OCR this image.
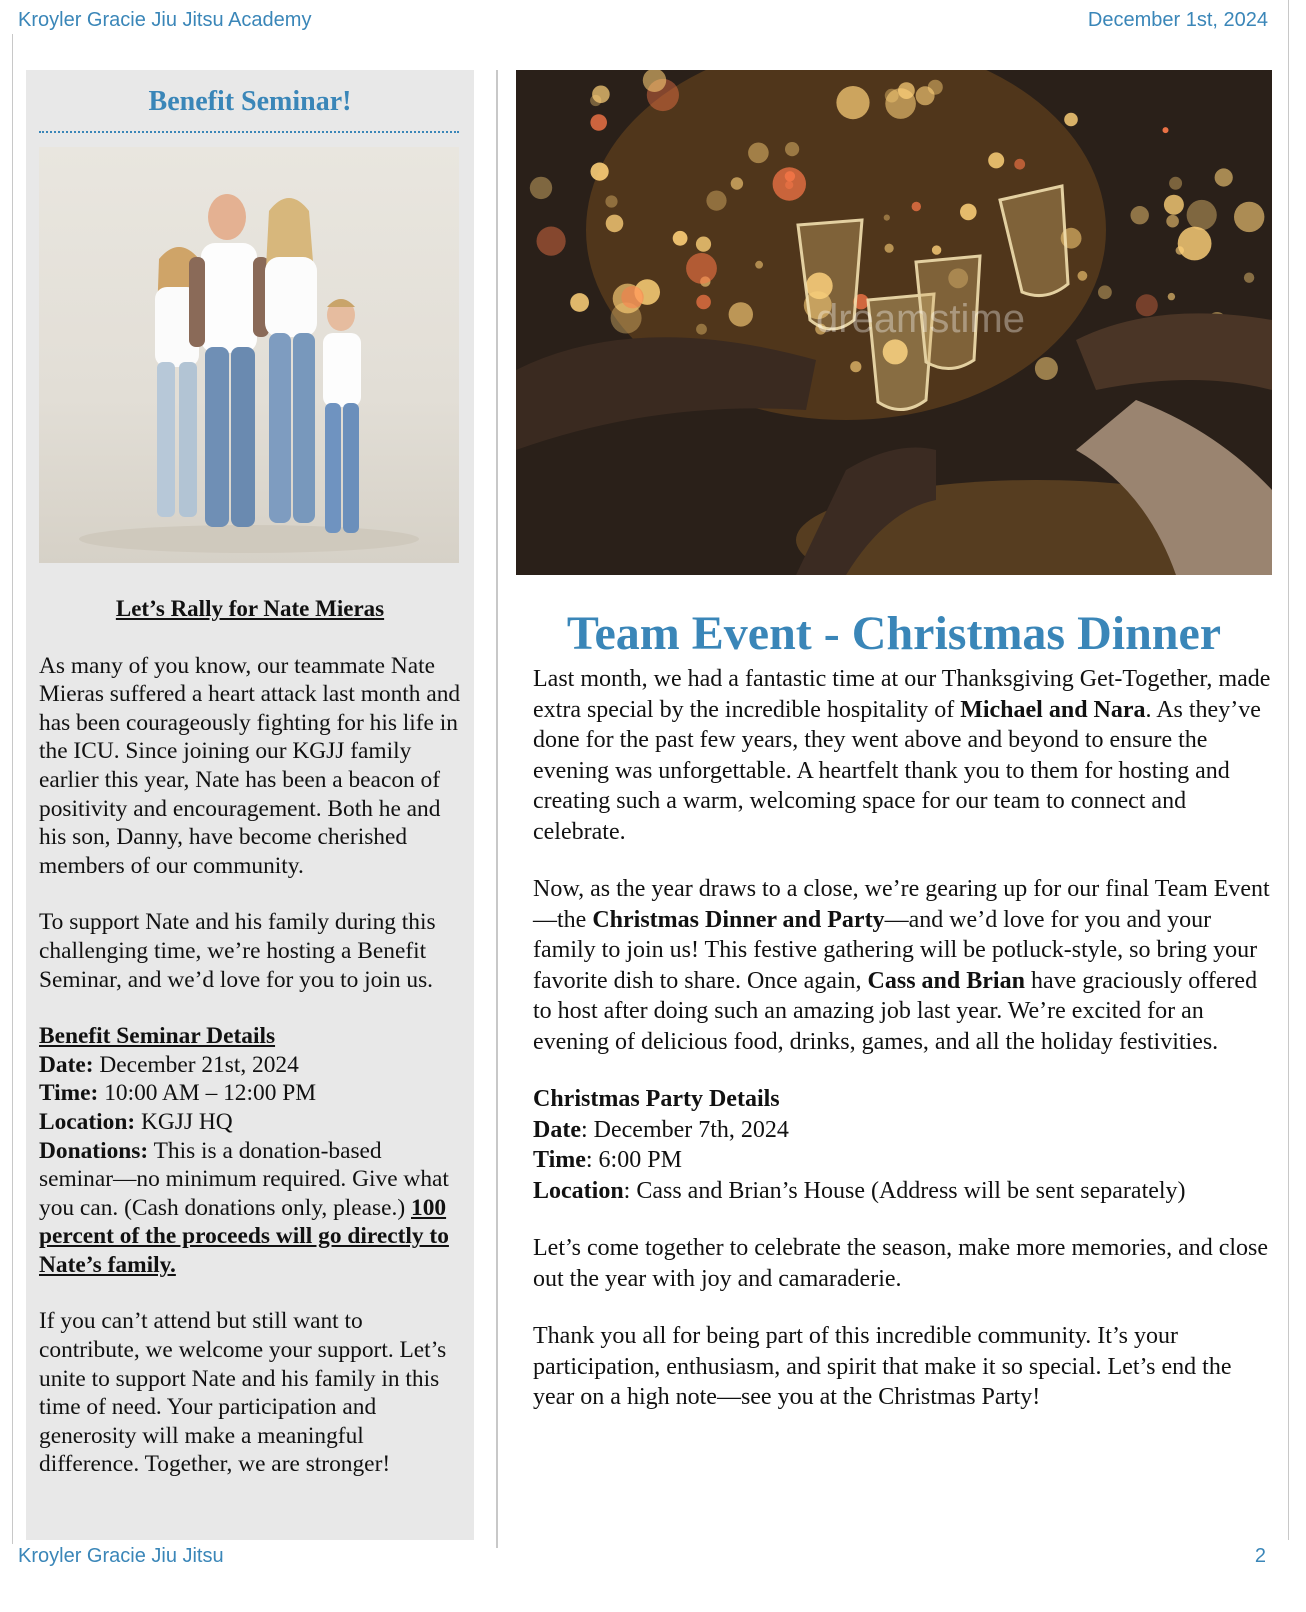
Kroyler Gracie Jiu Jitsu Academy	December 1st, 2024
Benefit Seminar!
Let’s Rally for Nate Mieras

As many of you know, our teammate Nate Mieras suffered a heart attack last month and has been courageously fighting for his life in the ICU. Since joining our KGJJ family earlier this year, Nate has been a beacon of positivity and encouragement. Both he and his son, Danny, have become cherished members of our community.

To support Nate and his family during this challenging time, we’re hosting a Benefit Seminar, and we’d love for you to join us.

Benefit Seminar Details

Date: December 21st, 2024

Time: 10:00 AM – 12:00 PM

Location: KGJJ HQ

Donations: This is a donation-based seminar—no minimum required. Give what you can. (Cash donations only, please.) 100 percent of the proceeds will go directly to Nate’s family.

If you can’t attend but still want to contribute, we welcome your support. Let’s unite to support Nate and his family in this time of need. Your participation and generosity will make a meaningful difference. Together, we are stronger!

dreamstime
Team Event - Christmas Dinner

Last month, we had a fantastic time at our Thanksgiving Get-Together, made extra special by the incredible hospitality of Michael and Nara. As they’ve done for the past few years, they went above and beyond to ensure the evening was unforgettable. A heartfelt thank you to them for hosting and creating such a warm, welcoming space for our team to connect and celebrate.

Now, as the year draws to a close, we’re gearing up for our final Team Event—the Christmas Dinner and Party—and we’d love for you and your family to join us! This festive gathering will be potluck-style, so bring your favorite dish to share. Once again, Cass and Brian have graciously offered to host after doing such an amazing job last year. We’re excited for an evening of delicious food, drinks, games, and all the holiday festivities.

Christmas Party Details

Date: December 7th, 2024

Time: 6:00 PM

Location: Cass and Brian’s House (Address will be sent separately)

Let’s come together to celebrate the season, make more memories, and close out the year with joy and camaraderie.

Thank you all for being part of this incredible community. It’s your participation, enthusiasm, and spirit that make it so special. Let’s end the year on a high note—see you at the Christmas Party!

Kroyler Gracie Jiu Jitsu	2
